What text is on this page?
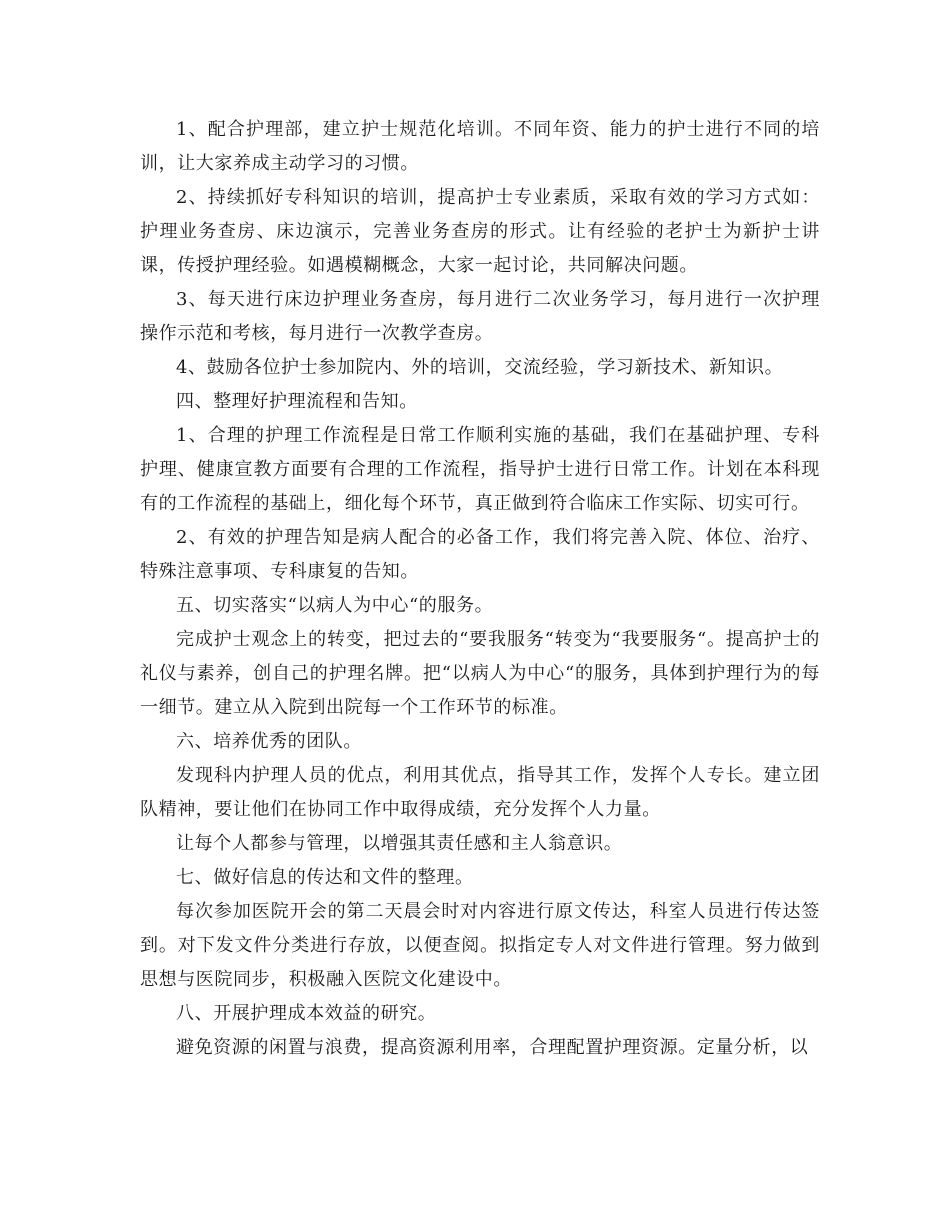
1、配合护理部，建立护士规范化培训。不同年资、能力的护士进行不同的培训，让大家养成主动学习的习惯。

2、持续抓好专科知识的培训，提高护士专业素质，采取有效的学习方式如：护理业务查房、床边演示，完善业务查房的形式。让有经验的老护士为新护士讲课，传授护理经验。如遇模糊概念，大家一起讨论，共同解决问题。

3、每天进行床边护理业务查房，每月进行二次业务学习，每月进行一次护理操作示范和考核，每月进行一次教学查房。

4、鼓励各位护士参加院内、外的培训，交流经验，学习新技术、新知识。

四、整理好护理流程和告知。

1、合理的护理工作流程是日常工作顺利实施的基础，我们在基础护理、专科护理、健康宣教方面要有合理的工作流程，指导护士进行日常工作。计划在本科现有的工作流程的基础上，细化每个环节，真正做到符合临床工作实际、切实可行。

2、有效的护理告知是病人配合的必备工作，我们将完善入院、体位、治疗、特殊注意事项、专科康复的告知。

五、切实落实“以病人为中心“的服务。

完成护士观念上的转变，把过去的“要我服务“转变为“我要服务“。提高护士的礼仪与素养，创自己的护理名牌。把“以病人为中心“的服务，具体到护理行为的每一细节。建立从入院到出院每一个工作环节的标准。

六、培养优秀的团队。

发现科内护理人员的优点，利用其优点，指导其工作，发挥个人专长。建立团队精神，要让他们在协同工作中取得成绩，充分发挥个人力量。

让每个人都参与管理，以增强其责任感和主人翁意识。

七、做好信息的传达和文件的整理。

每次参加医院开会的第二天晨会时对内容进行原文传达，科室人员进行传达签到。对下发文件分类进行存放，以便查阅。拟指定专人对文件进行管理。努力做到思想与医院同步，积极融入医院文化建设中。

八、开展护理成本效益的研究。

避免资源的闲置与浪费，提高资源利用率，合理配置护理资源。定量分析，以
